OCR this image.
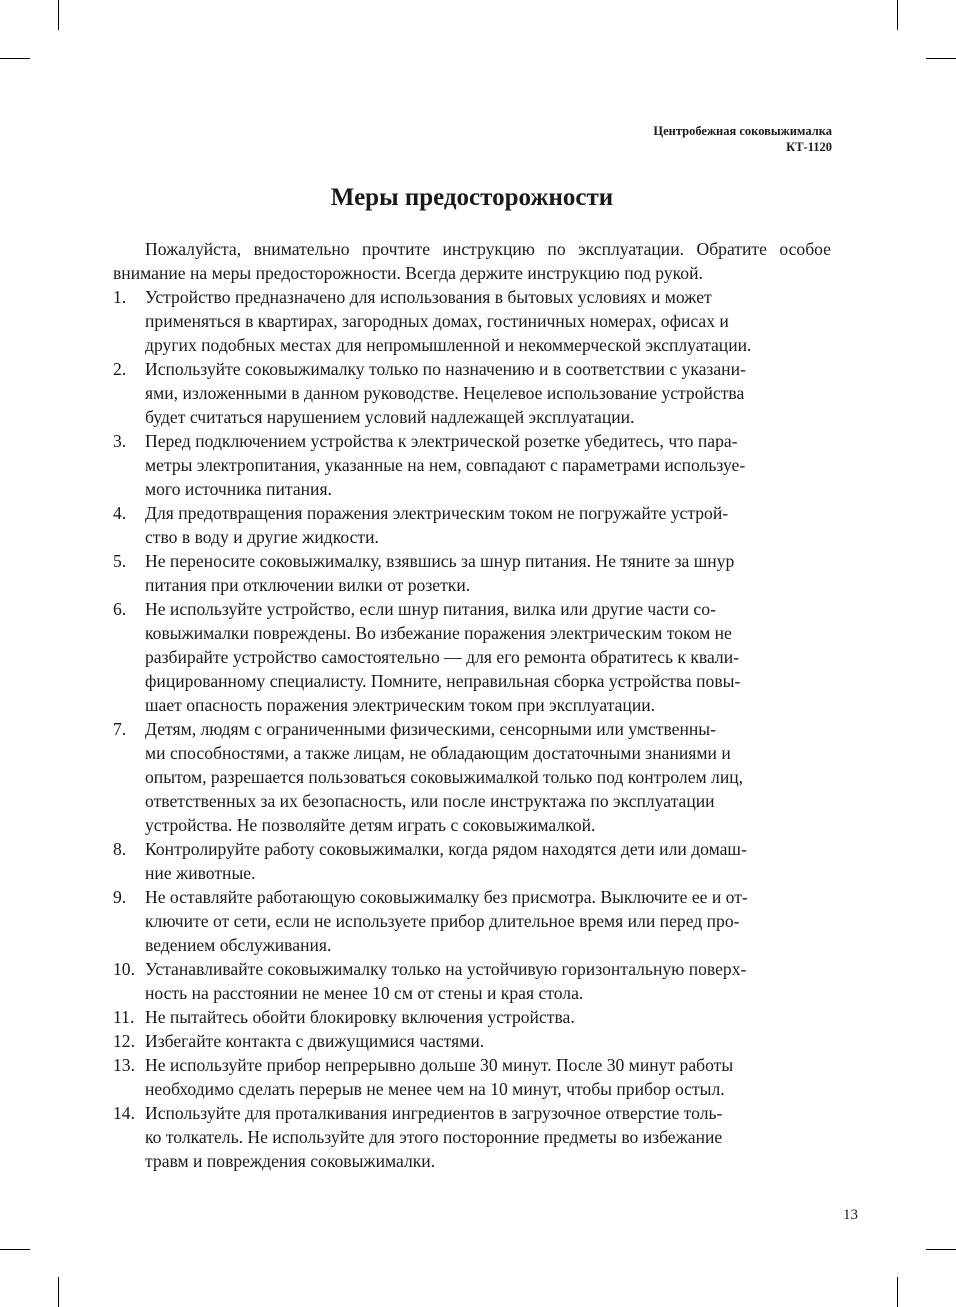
Центробежная соковыжималка
КТ-1120
Меры предосторожности
Пожалуйста, внимательно прочтите инструкцию по эксплуатации. Обратите особое внимание на меры предосторожности. Всегда держите инструкцию под рукой.
1. Устройство предназначено для использования в бытовых условиях и может
применяться в квартирах, загородных домах, гостиничных номерах, офисах и
других подобных местах для непромышленной и некоммерческой эксплуатации.
2. Используйте соковыжималку только по назначению и в соответствии с указани-
ями, изложенными в данном руководстве. Нецелевое использование устройства
будет считаться нарушением условий надлежащей эксплуатации.
3. Перед подключением устройства к электрической розетке убедитесь, что пара-
метры электропитания, указанные на нем, совпадают с параметрами используе-
мого источника питания.
4. Для предотвращения поражения электрическим током не погружайте устрой-
ство в воду и другие жидкости.
5. Не переносите соковыжималку, взявшись за шнур питания. Не тяните за шнур
питания при отключении вилки от розетки.
6. Не используйте устройство, если шнур питания, вилка или другие части со-
ковыжималки повреждены. Во избежание поражения электрическим током не
разбирайте устройство самостоятельно — для его ремонта обратитесь к квали-
фицированному специалисту. Помните, неправильная сборка устройства повы-
шает опасность поражения электрическим током при эксплуатации.
7. Детям, людям с ограниченными физическими, сенсорными или умственны-
ми способностями, а также лицам, не обладающим достаточными знаниями и
опытом, разрешается пользоваться соковыжималкой только под контролем лиц,
ответственных за их безопасность, или после инструктажа по эксплуатации
устройства. Не позволяйте детям играть с соковыжималкой.
8. Контролируйте работу соковыжималки, когда рядом находятся дети или домаш-
ние животные.
9. Не оставляйте работающую соковыжималку без присмотра. Выключите ее и от-
ключите от сети, если не используете прибор длительное время или перед про-
ведением обслуживания.
10. Устанавливайте соковыжималку только на устойчивую горизонтальную поверх-
ность на расстоянии не менее 10 см от стены и края стола.
11. Не пытайтесь обойти блокировку включения устройства.
12. Избегайте контакта с движущимися частями.
13. Не используйте прибор непрерывно дольше 30 минут. После 30 минут работы
необходимо сделать перерыв не менее чем на 10 минут, чтобы прибор остыл.
14. Используйте для проталкивания ингредиентов в загрузочное отверстие толь-
ко толкатель. Не используйте для этого посторонние предметы во избежание
травм и повреждения соковыжималки.
13
